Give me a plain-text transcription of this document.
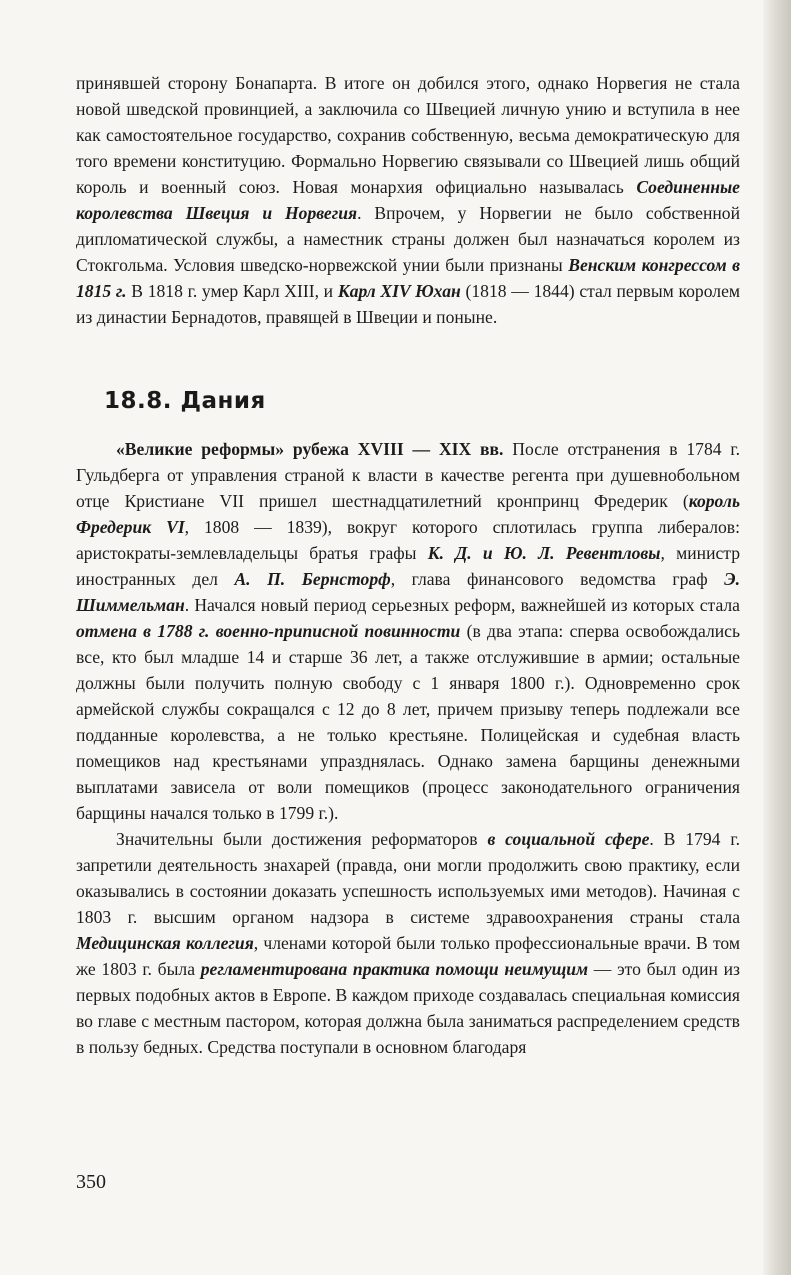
принявшей сторону Бонапарта. В итоге он добился этого, однако Норвегия не стала новой шведской провинцией, а заключила со Швецией личную унию и вступила в нее как самостоятельное государство, сохранив собственную, весьма демократическую для того времени конституцию. Формально Норвегию связывали со Швецией лишь общий король и военный союз. Новая монархия официально называлась Соединенные королевства Швеция и Норвегия. Впрочем, у Норвегии не было собственной дипломатической службы, а наместник страны должен был назначаться королем из Стокгольма. Условия шведско-норвежской унии были признаны Венским конгрессом в 1815 г. В 1818 г. умер Карл XIII, и Карл XIV Юхан (1818 — 1844) стал первым королем из династии Бернадотов, правящей в Швеции и поныне.

18.8. Дания

«Великие реформы» рубежа XVIII — XIX вв. После отстранения в 1784 г. Гульдберга от управления страной к власти в качестве регента при душевнобольном отце Кристиане VII пришел шестнадцатилетний кронпринц Фредерик (король Фредерик VI, 1808 — 1839), вокруг которого сплотилась группа либералов: аристократы-землевладельцы братья графы К. Д. и Ю. Л. Ревентловы, министр иностранных дел А. П. Бернсторф, глава финансового ведомства граф Э. Шиммельман. Начался новый период серьезных реформ, важнейшей из которых стала отмена в 1788 г. военно-приписной повинности (в два этапа: сперва освобождались все, кто был младше 14 и старше 36 лет, а также отслужившие в армии; остальные должны были получить полную свободу с 1 января 1800 г.). Одновременно срок армейской службы сокращался с 12 до 8 лет, причем призыву теперь подлежали все подданные королевства, а не только крестьяне. Полицейская и судебная власть помещиков над крестьянами упразднялась. Однако замена барщины денежными выплатами зависела от воли помещиков (процесс законодательного ограничения барщины начался только в 1799 г.).

Значительны были достижения реформаторов в социальной сфере. В 1794 г. запретили деятельность знахарей (правда, они могли продолжить свою практику, если оказывались в состоянии доказать успешность используемых ими методов). Начиная с 1803 г. высшим органом надзора в системе здравоохранения страны стала Медицинская коллегия, членами которой были только профессиональные врачи. В том же 1803 г. была регламентирована практика помощи неимущим — это был один из первых подобных актов в Европе. В каждом приходе создавалась специальная комиссия во главе с местным пастором, которая должна была заниматься распределением средств в пользу бедных. Средства поступали в основном благодаря

350
